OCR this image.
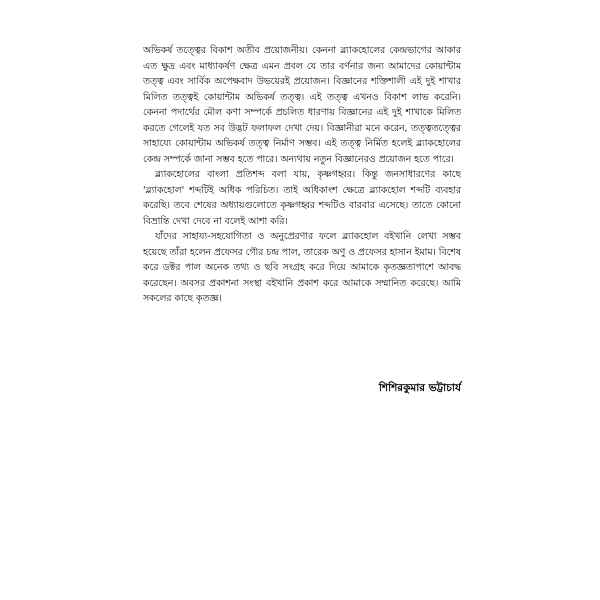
অভিকর্ষ তত্ত্বের বিকাশ অতীব প্রয়োজনীয়। কেননা ব্ল্যাকহোলের কেন্দ্রভাগের আকার এত ক্ষুদ্র এবং মাধ্যাকর্ষণ ক্ষেত্র এমন প্রবল যে তার বর্ণনার জন্য আমাদের কোয়ান্টাম তত্ত্ব এবং সার্বিক অপেক্ষবাদ উভয়েরই প্রয়োজন। বিজ্ঞানের শক্তিশালী এই দুই শাখার মিলিত তত্ত্বই কোয়ান্টাম অভিকর্ষ তত্ত্ব। এই তত্ত্ব এখনও বিকাশ লাভ করেনি। কেননা পদার্থের মৌল কণা সম্পর্কে প্রচলিত ধারণায় বিজ্ঞানের এই দুই শাখাকে মিলিত করতে গেলেই যত সব উদ্ভট ফলাফল দেখা দেয়। বিজ্ঞানীরা মনে করেন, তত্ত্বতত্ত্বের সাহায্যে কোয়ান্টাম অভিকর্ষ তত্ত্ব নির্মাণ সম্ভব। এই তত্ত্ব নির্মিত হলেই ব্ল্যাকহোলের কেন্দ্র সম্পর্কে জানা সম্ভব হতে পারে। অন্যথায় নতুন বিজ্ঞানেরও প্রয়োজন হতে পারে।

ব্ল্যাকহোলের বাংলা প্রতিশব্দ বলা যায়, কৃষ্ণগহ্বর। কিন্তু জনসাধারণের কাছে 'ব্ল্যাকহোল' শব্দটিই অধিক পরিচিত। তাই অধিকাংশ ক্ষেত্রে ব্ল্যাকহোল শব্দটি ব্যবহার করেছি। তবে শেষের অধ্যায়গুলোতে কৃষ্ণগহ্বর শব্দটিও বারবার এসেছে। তাতে কোনো বিভ্রান্তি দেখা দেবে না বলেই আশা করি।

যাঁদের সাহায্য-সহযোগিতা ও অনুপ্রেরণার ফলে ব্ল্যাকহোল বইখানি লেখা সম্ভব হয়েছে তাঁরা হলেন প্রফেসর গৌর চন্দ্র পাল, তারেক অণু ও প্রফেসর হাসান ইমাম। বিশেষ করে ডক্টর পাল অনেক তথ্য ও ছবি সংগ্রহ করে দিয়ে আমাকে কৃতজ্ঞতাপাশে আবদ্ধ করেছেন। অবসর প্রকাশনা সংস্থা বইখানি প্রকাশ করে আমাকে সম্মানিত করেছে। আমি সকলের কাছে কৃতজ্ঞ।

শিশিরকুমার ভট্টাচার্য
